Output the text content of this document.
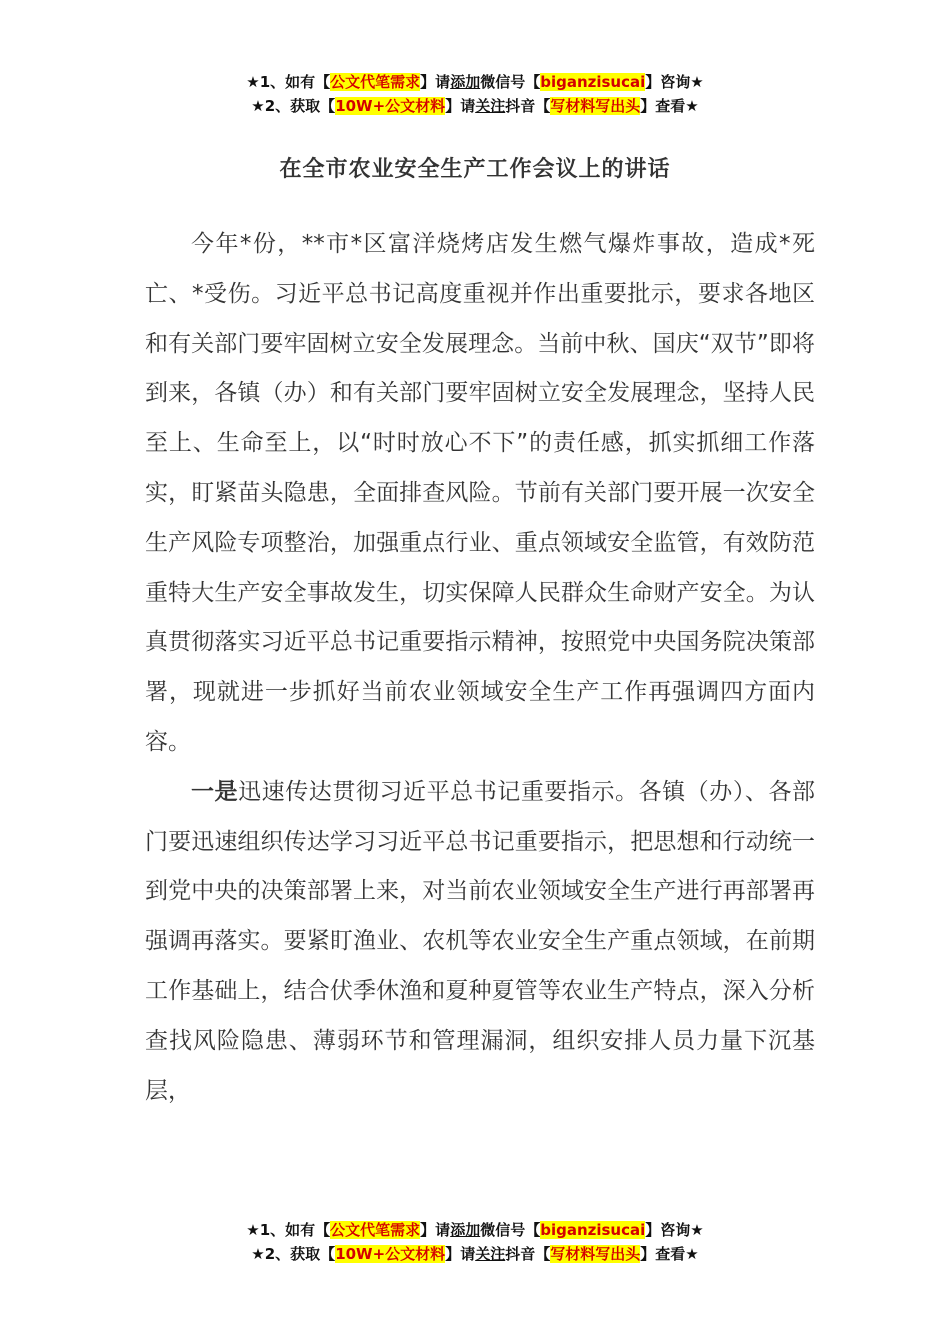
★1、如有【公文代笔需求】请添加微信号【biganzisucai】咨询★
★2、获取【10W+公文材料】请关注抖音【写材料写出头】查看★
在全市农业安全生产工作会议上的讲话

今年*份，**市*区富洋烧烤店发生燃气爆炸事故，造成*死亡、*受伤。习近平总书记高度重视并作出重要批示，要求各地区和有关部门要牢固树立安全发展理念。当前中秋、国庆“双节”即将到来，各镇（办）和有关部门要牢固树立安全发展理念，坚持人民至上、生命至上，以“时时放心不下”的责任感，抓实抓细工作落实，盯紧苗头隐患，全面排查风险。节前有关部门要开展一次安全生产风险专项整治，加强重点行业、重点领域安全监管，有效防范重特大生产安全事故发生，切实保障人民群众生命财产安全。为认真贯彻落实习近平总书记重要指示精神，按照党中央国务院决策部署，现就进一步抓好当前农业领域安全生产工作再强调四方面内容。

一是迅速传达贯彻习近平总书记重要指示。各镇（办）、各部门要迅速组织传达学习习近平总书记重要指示，把思想和行动统一到党中央的决策部署上来，对当前农业领域安全生产进行再部署再强调再落实。要紧盯渔业、农机等农业安全生产重点领域，在前期工作基础上，结合伏季休渔和夏种夏管等农业生产特点，深入分析查找风险隐患、薄弱环节和管理漏洞，组织安排人员力量下沉基层，

★1、如有【公文代笔需求】请添加微信号【biganzisucai】咨询★
★2、获取【10W+公文材料】请关注抖音【写材料写出头】查看★
